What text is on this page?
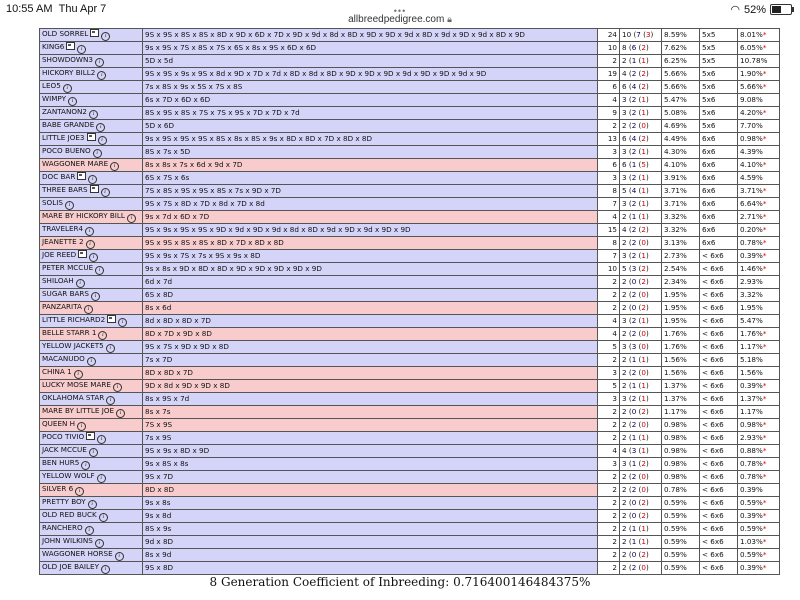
10:55 AM Thu Apr 7	◠ 52%
•••
allbreedpedigree.com 🔒︎
OLD SORREL i	9S x 9S x 8S x 8S x 8D x 9D x 6D x 7D x 9D x 9d x 8d x 8D x 9D x 9D x 9d x 8D x 9d x 9D x 9d x 8D x 9D	24	10 (7 (3)	8.59%	5x5	8.01%*
KING6 i	9s x 9S x 7S x 8S x 7S x 6S x 8s x 9S x 6D x 6D	10	8 (6 (2)	7.62%	5x5	6.05%*
SHOWDOWN3 i	5D x 5d	2	2 (1 (1)	6.25%	5x5	10.78%
HICKORY BILL2 i	9S x 9S x 9s x 9S x 8d x 9D x 7D x 7d x 8D x 8d x 8D x 9D x 9D x 9D x 9d x 9D x 9D x 9d x 9D	19	4 (2 (2)	5.66%	5x6	1.90%*
LEO5 i	7s x 8S x 9s x 5S x 7S x 8S	6	6 (4 (2)	5.66%	5x6	5.66%*
WIMPY i	6s x 7D x 6D x 6D	4	3 (2 (1)	5.47%	5x6	9.08%
ZANTANON2 i	8S x 9S x 8S x 7S x 7S x 9S x 7D x 7D x 7d	9	3 (2 (1)	5.08%	5x6	4.20%*
BABE GRANDE i	5D x 6D	2	2 (2 (0)	4.69%	5x6	7.70%
LITTLE JOE3 i	9s x 9S x 9S x 9S x 8S x 8s x 8S x 9s x 8D x 8D x 7D x 8D x 8D	13	6 (4 (2)	4.49%	6x6	0.98%*
POCO BUENO i	8S x 7s x 5D	3	3 (2 (1)	4.30%	6x6	4.39%
WAGGONER MARE i	8s x 8s x 7s x 6d x 9d x 7D	6	6 (1 (5)	4.10%	6x6	4.10%*
DOC BAR i	6S x 7S x 6s	3	3 (2 (1)	3.91%	6x6	4.59%
THREE BARS i	7S x 8S x 9S x 9S x 8S x 7s x 9D x 7D	8	5 (4 (1)	3.71%	6x6	3.71%*
SOLIS i	9S x 7S x 8D x 7D x 8d x 7D x 8d	7	3 (2 (1)	3.71%	6x6	6.64%*
MARE BY HICKORY BILL i	9s x 7d x 6D x 7D	4	2 (1 (1)	3.32%	6x6	2.71%*
TRAVELER4 i	9S x 9s x 9S x 9S x 9D x 9d x 9D x 9d x 8d x 8D x 9d x 9D x 9d x 9D x 9D	15	4 (2 (2)	3.32%	6x6	0.20%*
JEANETTE 2 i	9S x 9S x 8S x 8S x 8D x 7D x 8D x 8D	8	2 (2 (0)	3.13%	6x6	0.78%*
JOE REED i	9S x 9s x 7S x 7s x 9S x 9s x 8D	7	3 (2 (1)	2.73%	< 6x6	0.39%*
PETER MCCUE i	9s x 8s x 9D x 8D x 8D x 9D x 9D x 9D x 9D x 9D	10	5 (3 (2)	2.54%	< 6x6	1.46%*
SHILOAH i	6d x 7d	2	2 (0 (2)	2.34%	< 6x6	2.93%
SUGAR BARS i	6S x 8D	2	2 (2 (0)	1.95%	< 6x6	3.32%
PANZARITA i	8s x 6d	2	2 (0 (2)	1.95%	< 6x6	1.95%
LITTLE RICHARD2 i	8d x 8D x 8D x 7D	4	3 (2 (1)	1.95%	< 6x6	5.47%
BELLE STARR 1 i	8D x 7D x 9D x 8D	4	2 (2 (0)	1.76%	< 6x6	1.76%*
YELLOW JACKET5 i	9S x 7S x 9D x 9D x 8D	5	3 (3 (0)	1.76%	< 6x6	1.17%*
MACANUDO i	7s x 7D	2	2 (1 (1)	1.56%	< 6x6	5.18%
CHINA 1 i	8D x 8D x 7D	3	2 (2 (0)	1.56%	< 6x6	1.56%
LUCKY MOSE MARE i	9D x 8d x 9D x 9D x 8D	5	2 (1 (1)	1.37%	< 6x6	0.39%*
OKLAHOMA STAR i	8s x 9S x 7d	3	3 (2 (1)	1.37%	< 6x6	1.37%*
MARE BY LITTLE JOE i	8s x 7s	2	2 (0 (2)	1.17%	< 6x6	1.17%
QUEEN H i	7S x 9S	2	2 (2 (0)	0.98%	< 6x6	0.98%*
POCO TIVIO i	7s x 9S	2	2 (1 (1)	0.98%	< 6x6	2.93%*
JACK MCCUE i	9S x 9s x 8D x 9D	4	4 (3 (1)	0.98%	< 6x6	0.88%*
BEN HUR5 i	9s x 8S x 8s	3	3 (1 (2)	0.98%	< 6x6	0.78%*
YELLOW WOLF i	9S x 7D	2	2 (2 (0)	0.98%	< 6x6	0.78%*
SILVER 6 i	8D x 8D	2	2 (2 (0)	0.78%	< 6x6	0.39%
PRETTY BOY i	9s x 8s	2	2 (0 (2)	0.59%	< 6x6	0.59%*
OLD RED BUCK i	9s x 8d	2	2 (0 (2)	0.59%	< 6x6	0.39%*
RANCHERO i	8S x 9s	2	2 (1 (1)	0.59%	< 6x6	0.59%*
JOHN WILKINS i	9d x 8D	2	2 (1 (1)	0.59%	< 6x6	1.03%*
WAGGONER HORSE i	8s x 9d	2	2 (0 (2)	0.59%	< 6x6	0.59%*
OLD JOE BAILEY i	9S x 8D	2	2 (2 (0)	0.59%	< 6x6	0.39%*
8 Generation Coefficient of Inbreeding: 0.716400146484375%
